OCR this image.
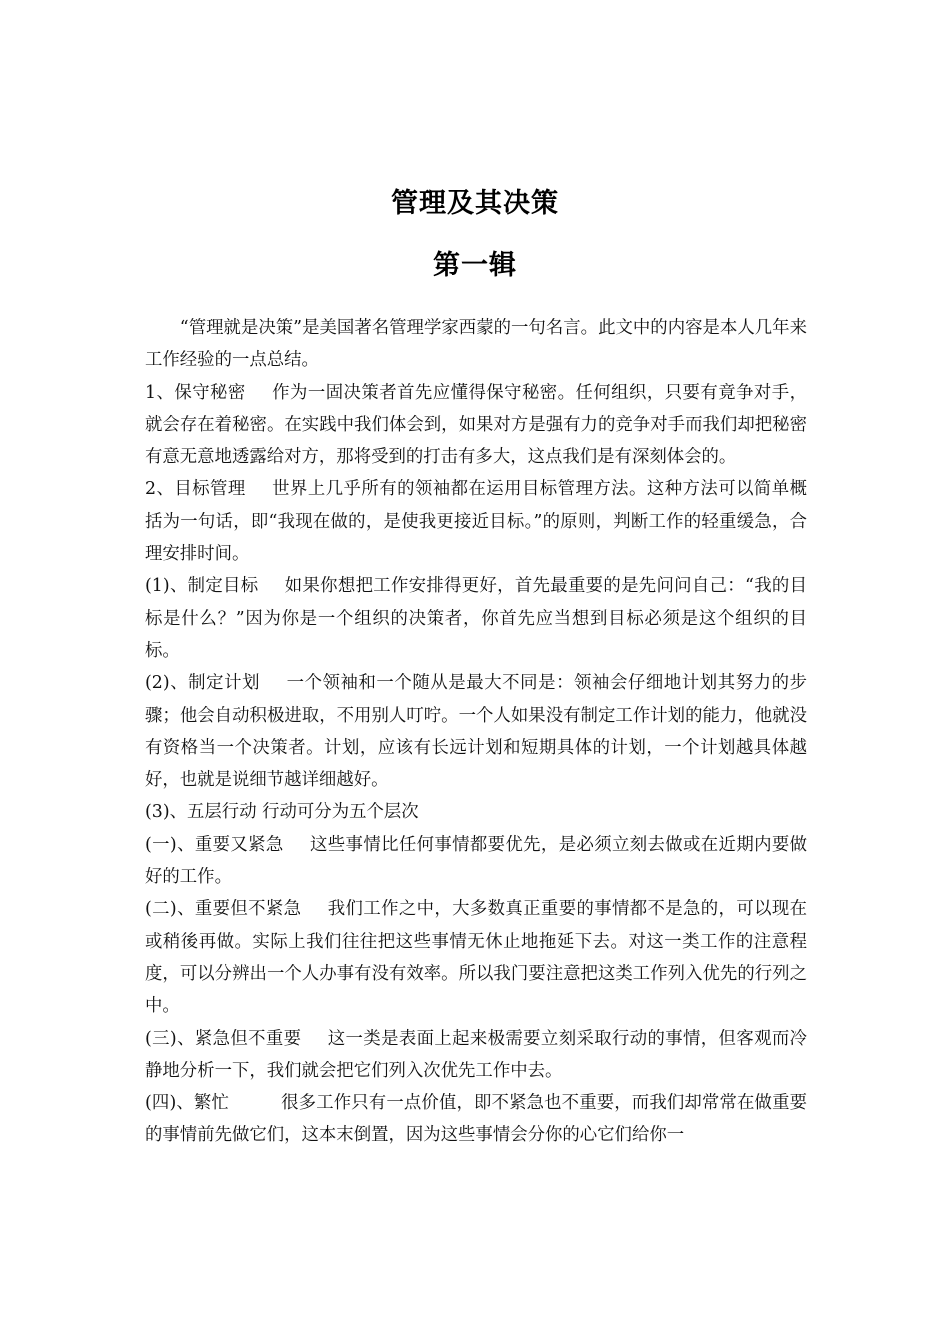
管理及其决策
第一辑

“管理就是决策”是美国著名管理学家西蒙的一句名言。此文中的内容是本人几年来工作经验的一点总结。

1、保守秘密 作为一固决策者首先应懂得保守秘密。任何组织，只要有竟争对手，就会存在着秘密。在实践中我们体会到，如果对方是强有力的竞争对手而我们却把秘密有意无意地透露给对方，那将受到的打击有多大，这点我们是有深刻体会的。

2、目标管理 世界上几乎所有的领袖都在运用目标管理方法。这种方法可以简单概括为一句话，即“我现在做的，是使我更接近目标。”的原则，判断工作的轻重缓急，合理安排时间。

(1)、制定目标 如果你想把工作安排得更好，首先最重要的是先问问自己：“我的目标是什么？”因为你是一个组织的决策者，你首先应当想到目标必须是这个组织的目标。

(2)、制定计划 一个领袖和一个随从是最大不同是：领袖会仔细地计划其努力的步骤；他会自动积极进取，不用别人叮咛。一个人如果没有制定工作计划的能力，他就没有资格当一个决策者。计划，应该有长远计划和短期具体的计划，一个计划越具体越好，也就是说细节越详细越好。

(3)、五层行动 行动可分为五个层次

(一)、重要又紧急 这些事情比任何事情都要优先，是必须立刻去做或在近期内要做好的工作。

(二)、重要但不紧急 我们工作之中，大多数真正重要的事情都不是急的，可以现在或稍後再做。实际上我们往往把这些事情无休止地拖延下去。对这一类工作的注意程度，可以分辨出一个人办事有没有效率。所以我门要注意把这类工作列入优先的行列之中。

(三)、紧急但不重要 这一类是表面上起来极需要立刻采取行动的事情，但客观而冷静地分析一下，我们就会把它们列入次优先工作中去。

(四)、繁忙	很多工作只有一点价值，即不紧急也不重要，而我们却常常在做重要的事情前先做它们，这本末倒置，因为这些事情会分你的心它们给你一
